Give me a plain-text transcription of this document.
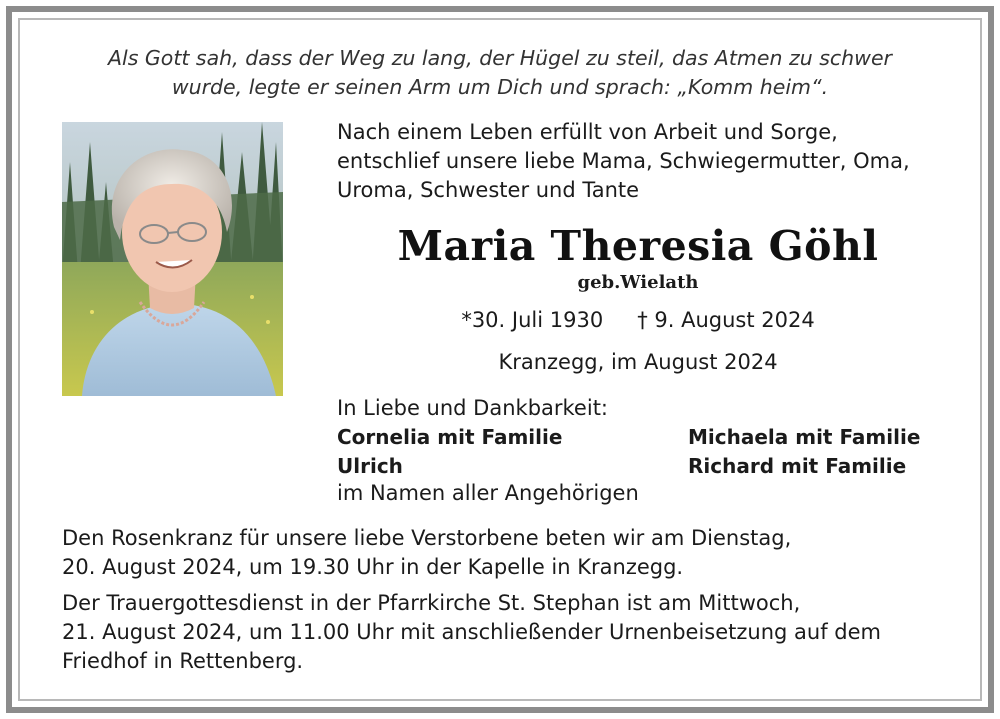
Als Gott sah, dass der Weg zu lang, der Hügel zu steil, das Atmen zu schwer
wurde, legte er seinen Arm um Dich und sprach: „Komm heim“.
Nach einem Leben erfüllt von Arbeit und Sorge,
entschlief unsere liebe Mama, Schwiegermutter, Oma,
Uroma, Schwester und Tante
Maria Theresia Göhl
geb.Wielath
*30. Juli 1930 † 9. August 2024
Kranzegg, im August 2024
In Liebe und Dankbarkeit:
Cornelia mit Familie	Michaela mit Familie
Ulrich	Richard mit Familie
im Namen aller Angehörigen
Den Rosenkranz für unsere liebe Verstorbene beten wir am Dienstag,
20. August 2024, um 19.30 Uhr in der Kapelle in Kranzegg.
Der Trauergottesdienst in der Pfarrkirche St. Stephan ist am Mittwoch,
21. August 2024, um 11.00 Uhr mit anschließender Urnenbeisetzung auf dem
Friedhof in Rettenberg.
